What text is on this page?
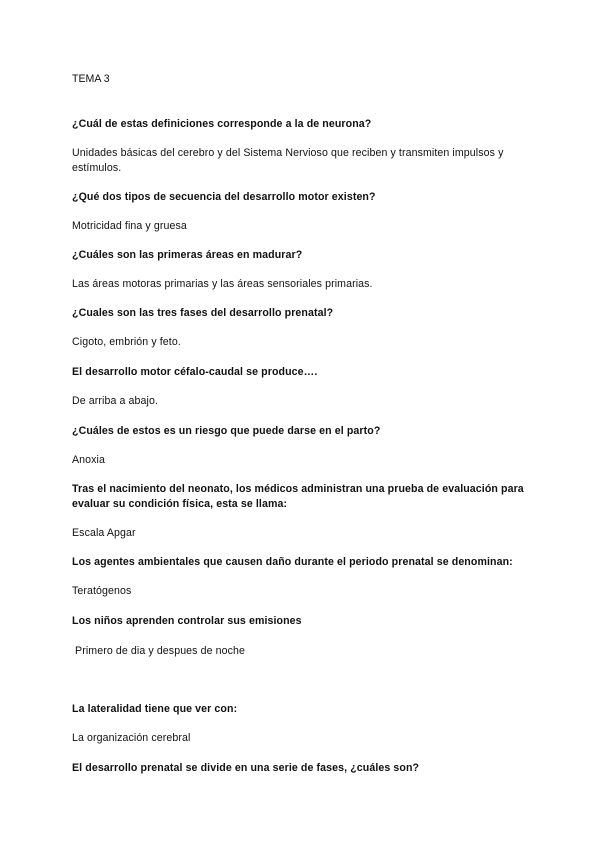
TEMA 3
¿Cuál de estas definiciones corresponde a la de neurona?
Unidades básicas del cerebro y del Sistema Nervioso que reciben y transmiten impulsos y estímulos.
¿Qué dos tipos de secuencia del desarrollo motor existen?
Motricidad fina y gruesa
¿Cuáles son las primeras áreas en madurar?
Las áreas motoras primarias y las áreas sensoriales primarias.
¿Cuales son las tres fases del desarrollo prenatal?
Cigoto, embrión y feto.
El desarrollo motor céfalo-caudal se produce….
De arriba a abajo.
¿Cuáles de estos es un riesgo que puede darse en el parto?
Anoxia
Tras el nacimiento del neonato, los médicos administran una prueba de evaluación para evaluar su condición física, esta se llama:
Escala Apgar
Los agentes ambientales que causen daño durante el periodo prenatal se denominan:
Teratógenos
Los niños aprenden controlar sus emisiones
Primero de dia y despues de noche
La lateralidad tiene que ver con:
La organización cerebral
El desarrollo prenatal se divide en una serie de fases, ¿cuáles son?
